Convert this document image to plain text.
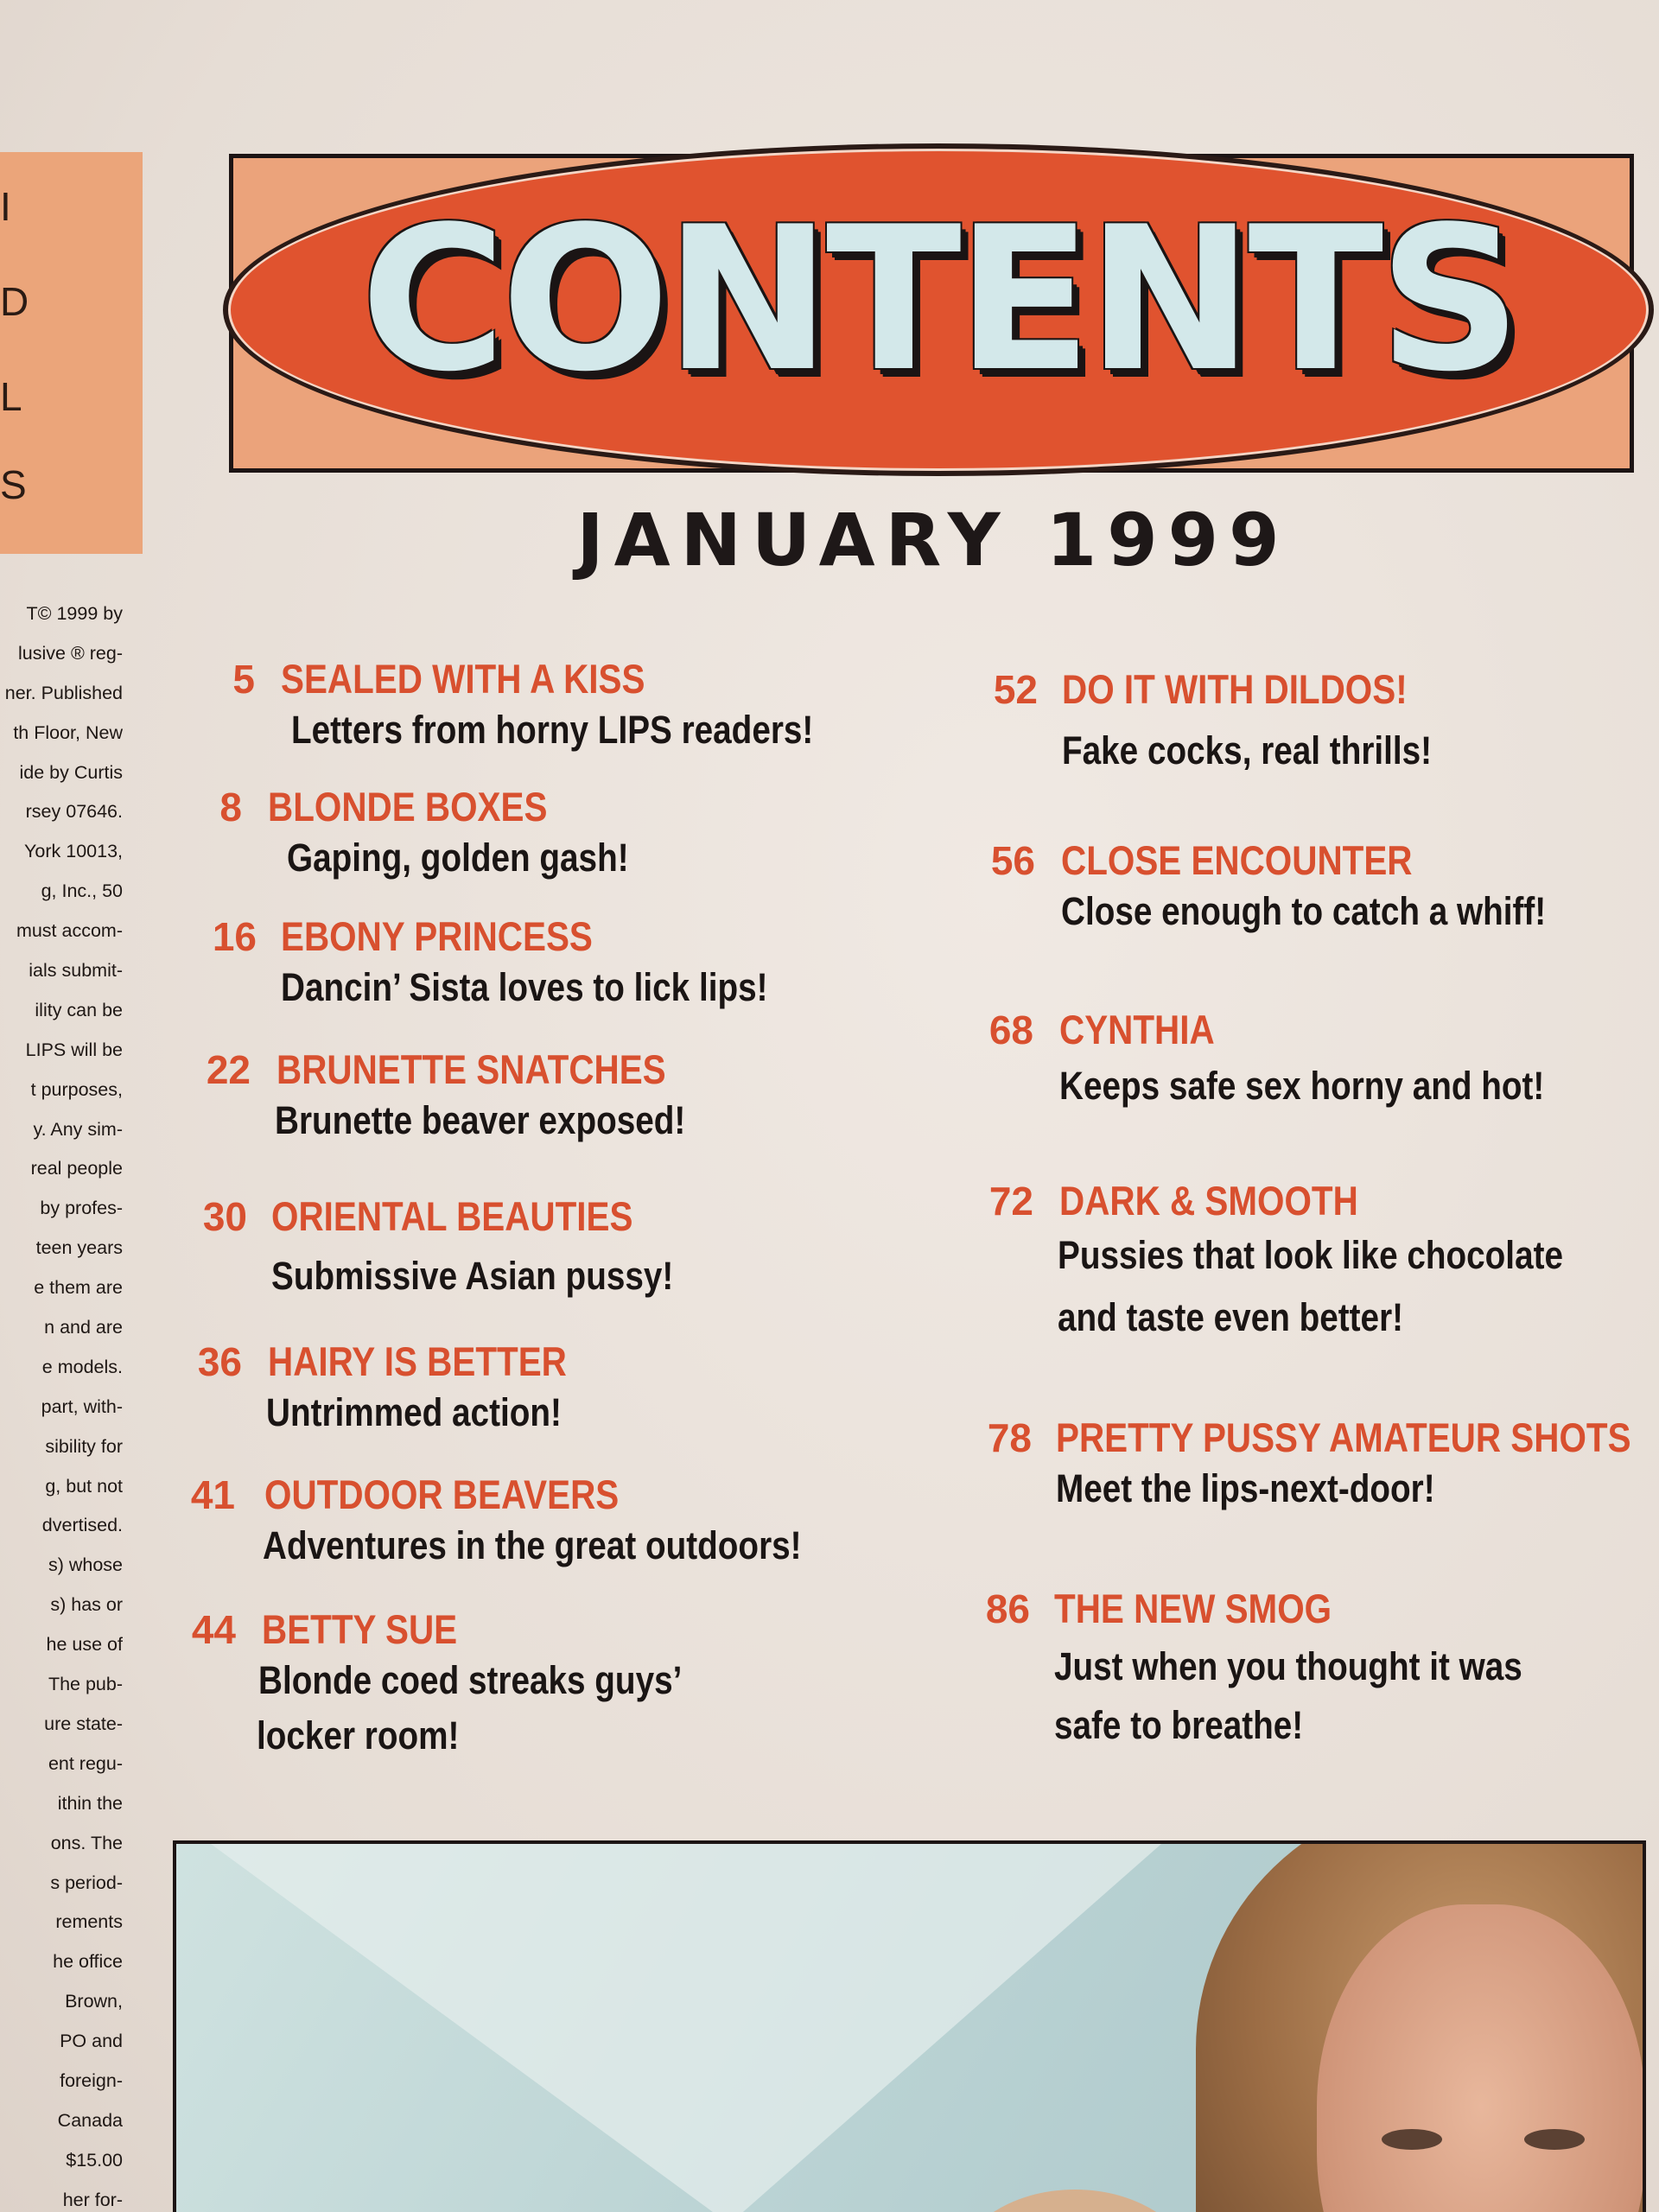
I
D
L
S
T© 1999 by
lusive ® reg-
ner. Published
th Floor, New
ide by Curtis
rsey 07646.
York 10013,
g, Inc., 50
must accom-
ials submit-
ility can be
LIPS will be
t purposes,
y. Any sim-
real people
by profes-
teen years
e them are
n and are
e models.
part, with-
sibility for
g, but not
dvertised.
s) whose
s) has or
he use of
The pub-
ure state-
ent regu-
ithin the
ons. The
s period-
rements
he office
Brown,
PO and
foreign-
Canada
$15.00
her for-
CONTENTS
JANUARY 1999
5 SEALED WITH A KISS
Letters from horny LIPS readers!
8 BLONDE BOXES
Gaping, golden gash!
16 EBONY PRINCESS
Dancin’ Sista loves to lick lips!
22 BRUNETTE SNATCHES
Brunette beaver exposed!
30 ORIENTAL BEAUTIES
Submissive Asian pussy!
36 HAIRY IS BETTER
Untrimmed action!
41 OUTDOOR BEAVERS
Adventures in the great outdoors!
44 BETTY SUE
Blonde coed streaks guys’
locker room!
52 DO IT WITH DILDOS!
Fake cocks, real thrills!
56 CLOSE ENCOUNTER
Close enough to catch a whiff!
68 CYNTHIA
Keeps safe sex horny and hot!
72 DARK & SMOOTH
Pussies that look like chocolate
and taste even better!
78 PRETTY PUSSY AMATEUR SHOTS
Meet the lips-next-door!
86 THE NEW SMOG
Just when you thought it was
safe to breathe!
